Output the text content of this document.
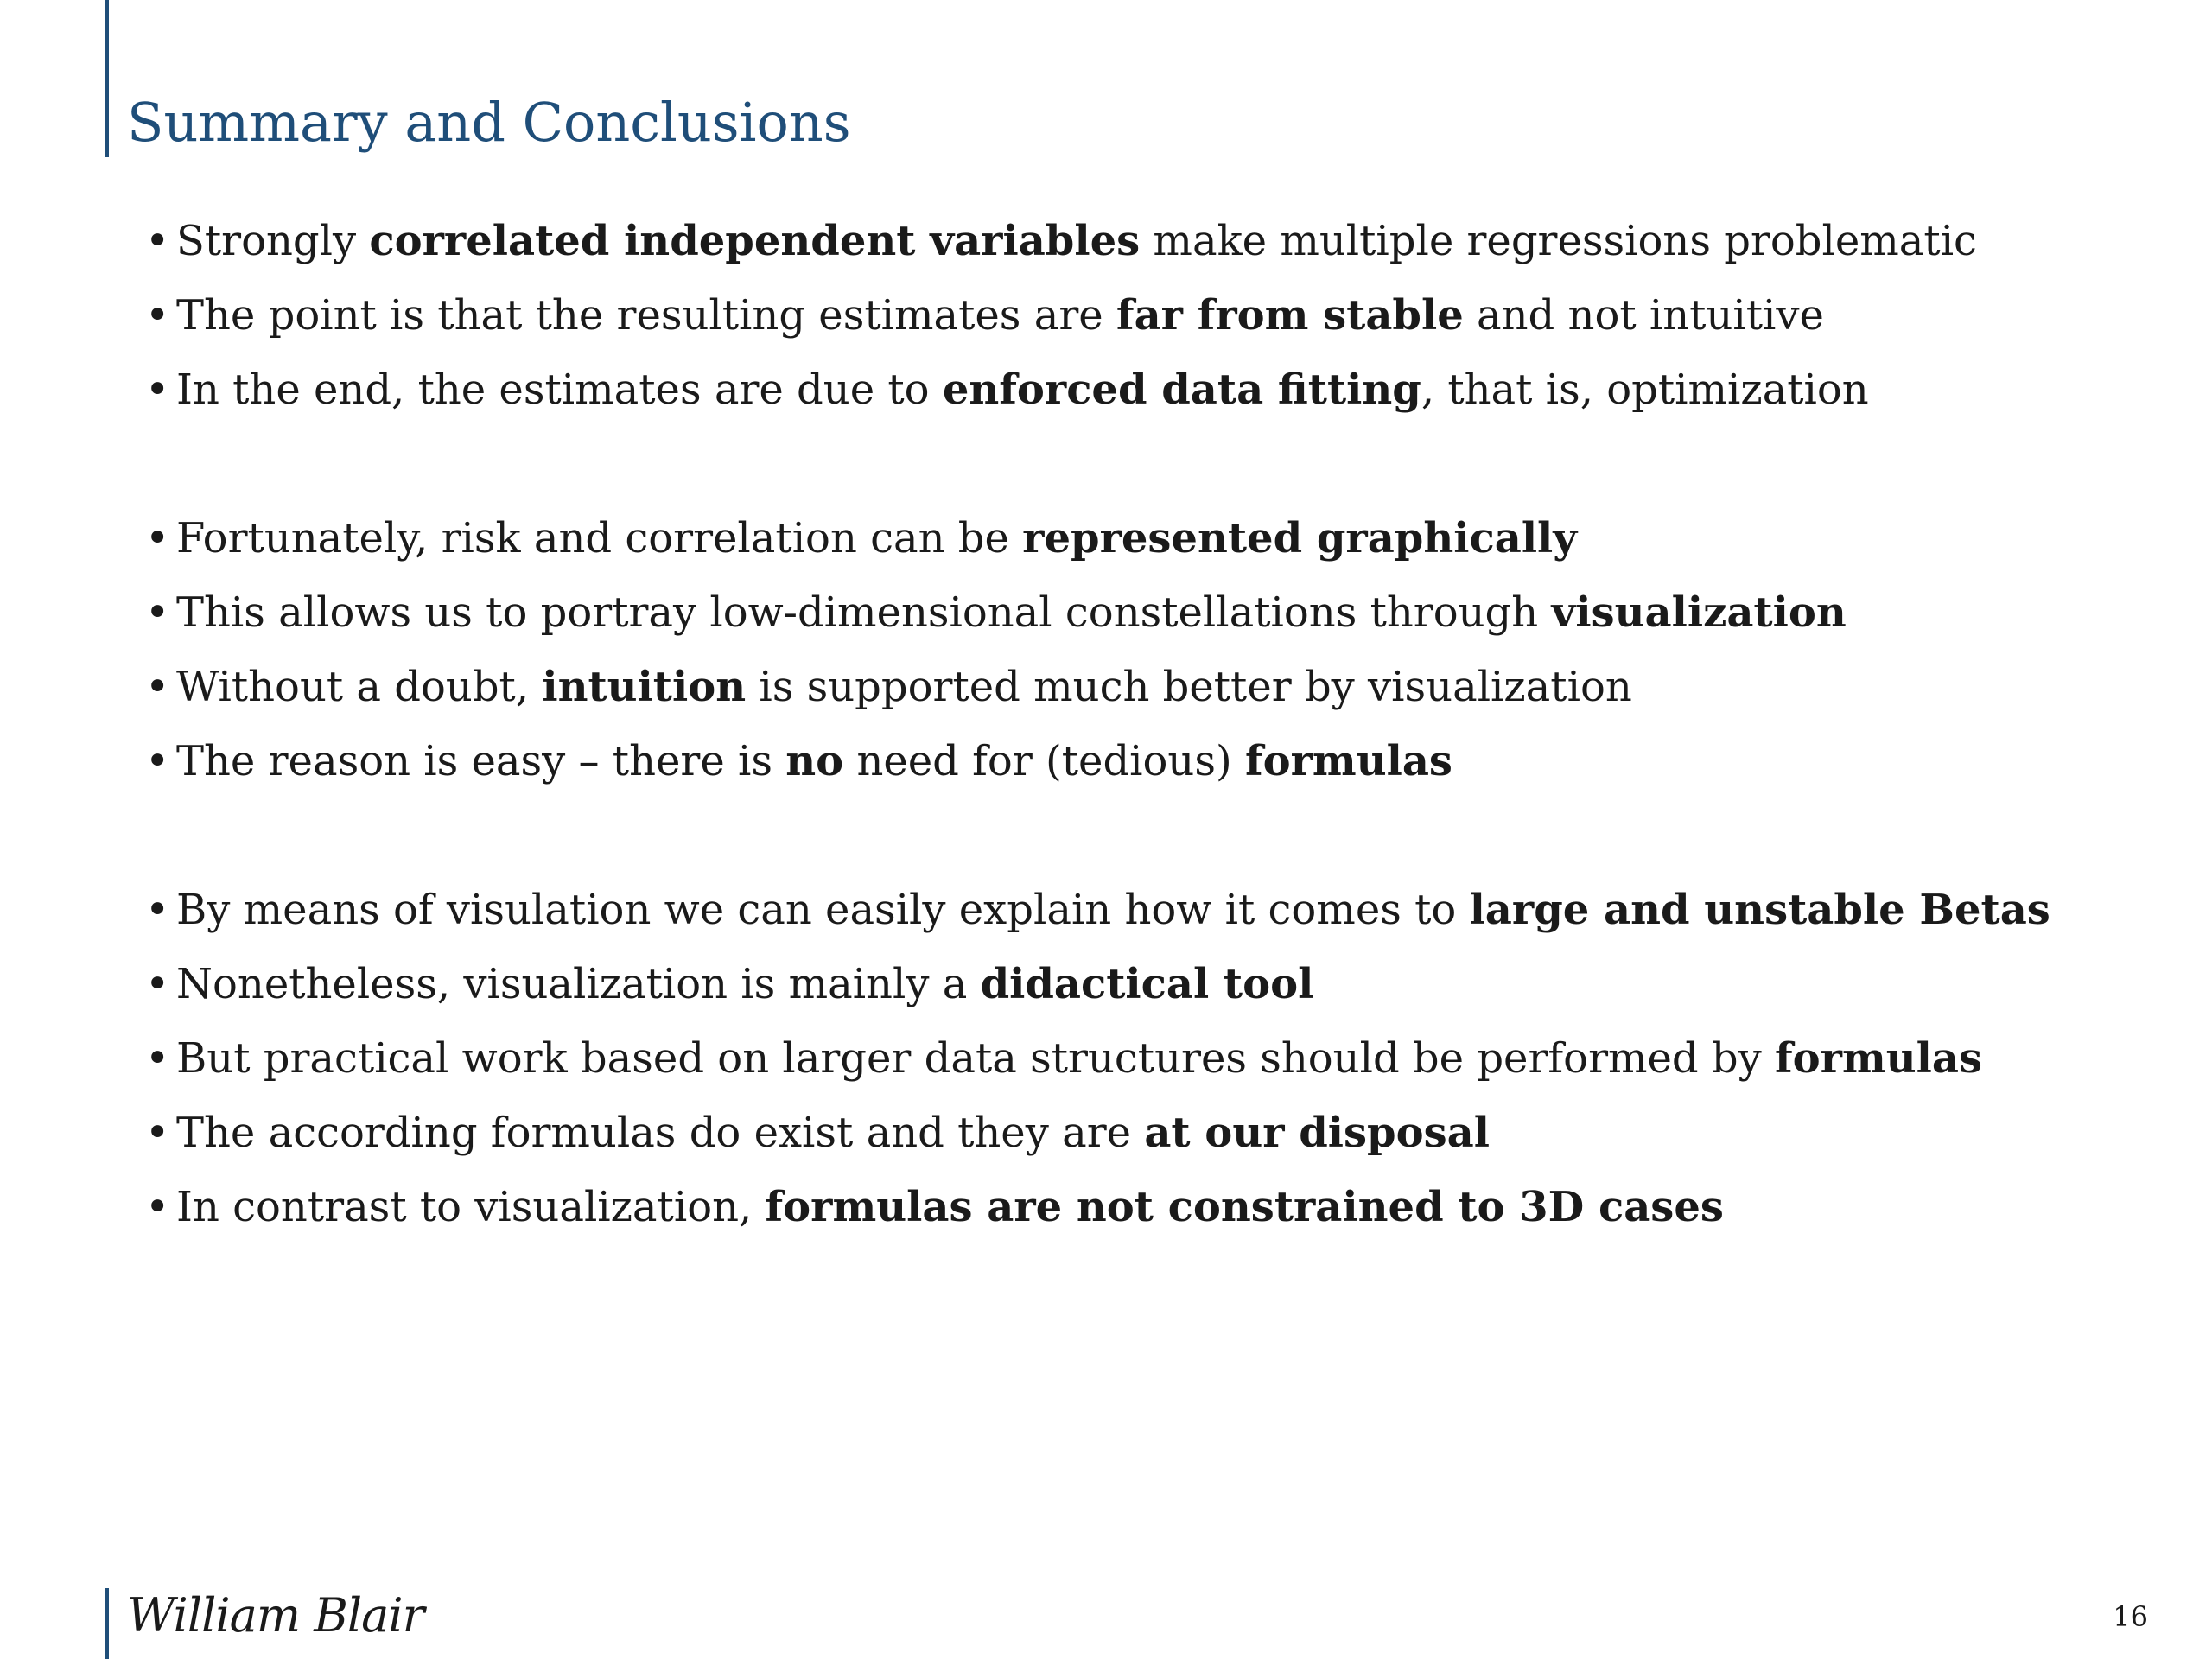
Summary and Conclusions
• Strongly correlated independent variables make multiple regressions problematic
• The point is that the resulting estimates are far from stable and not intuitive
• In the end, the estimates are due to enforced data fitting, that is, optimization
• Fortunately, risk and correlation can be represented graphically
• This allows us to portray low-dimensional constellations through visualization
• Without a doubt, intuition is supported much better by visualization
• The reason is easy – there is no need for (tedious) formulas
• By means of visulation we can easily explain how it comes to large and unstable Betas
• Nonetheless, visualization is mainly a didactical tool
• But practical work based on larger data structures should be performed by formulas
• The according formulas do exist and they are at our disposal
• In contrast to visualization, formulas are not constrained to 3D cases
William Blair	16
